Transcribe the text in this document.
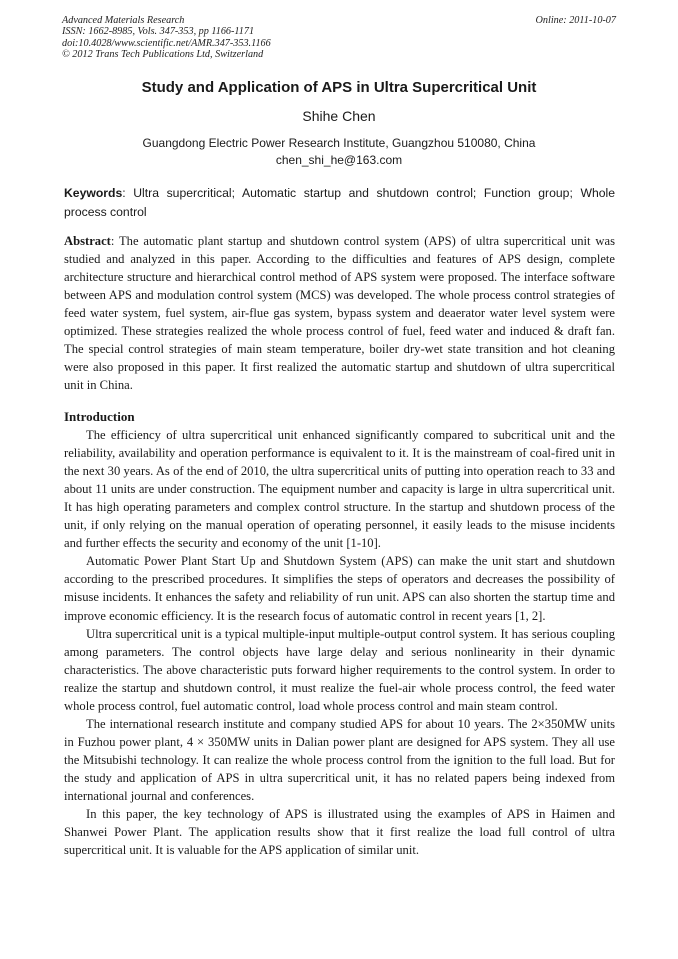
Advanced Materials Research
ISSN: 1662-8985, Vols. 347-353, pp 1166-1171
doi:10.4028/www.scientific.net/AMR.347-353.1166
© 2012 Trans Tech Publications Ltd, Switzerland
Online: 2011-10-07
Study and Application of APS in Ultra Supercritical Unit
Shihe Chen
Guangdong Electric Power Research Institute, Guangzhou 510080, China
chen_shi_he@163.com
Keywords: Ultra supercritical; Automatic startup and shutdown control; Function group; Whole process control
Abstract: The automatic plant startup and shutdown control system (APS) of ultra supercritical unit was studied and analyzed in this paper. According to the difficulties and features of APS design, complete architecture structure and hierarchical control method of APS system were proposed. The interface software between APS and modulation control system (MCS) was developed. The whole process control strategies of feed water system, fuel system, air-flue gas system, bypass system and deaerator water level system were optimized. These strategies realized the whole process control of fuel, feed water and induced & draft fan. The special control strategies of main steam temperature, boiler dry-wet state transition and hot cleaning were also proposed in this paper. It first realized the automatic startup and shutdown of ultra supercritical unit in China.

Introduction

The efficiency of ultra supercritical unit enhanced significantly compared to subcritical unit and the reliability, availability and operation performance is equivalent to it. It is the mainstream of coal-fired unit in the next 30 years. As of the end of 2010, the ultra supercritical units of putting into operation reach to 33 and about 11 units are under construction. The equipment number and capacity is large in ultra supercritical unit. It has high operating parameters and complex control structure. In the startup and shutdown process of the unit, if only relying on the manual operation of operating personnel, it easily leads to the misuse incidents and further effects the security and economy of the unit [1-10].

Automatic Power Plant Start Up and Shutdown System (APS) can make the unit start and shutdown according to the prescribed procedures. It simplifies the steps of operators and decreases the possibility of misuse incidents. It enhances the safety and reliability of run unit. APS can also shorten the startup time and improve economic efficiency. It is the research focus of automatic control in recent years [1, 2].

Ultra supercritical unit is a typical multiple-input multiple-output control system. It has serious coupling among parameters. The control objects have large delay and serious nonlinearity in their dynamic characteristics. The above characteristic puts forward higher requirements to the control system. In order to realize the startup and shutdown control, it must realize the fuel-air whole process control, the feed water whole process control, fuel automatic control, load whole process control and main steam control.

The international research institute and company studied APS for about 10 years. The 2×350MW units in Fuzhou power plant, 4 × 350MW units in Dalian power plant are designed for APS system. They all use the Mitsubishi technology. It can realize the whole process control from the ignition to the full load. But for the study and application of APS in ultra supercritical unit, it has no related papers being indexed from international journal and conferences.

In this paper, the key technology of APS is illustrated using the examples of APS in Haimen and Shanwei Power Plant. The application results show that it first realize the load full control of ultra supercritical unit. It is valuable for the APS application of similar unit.
